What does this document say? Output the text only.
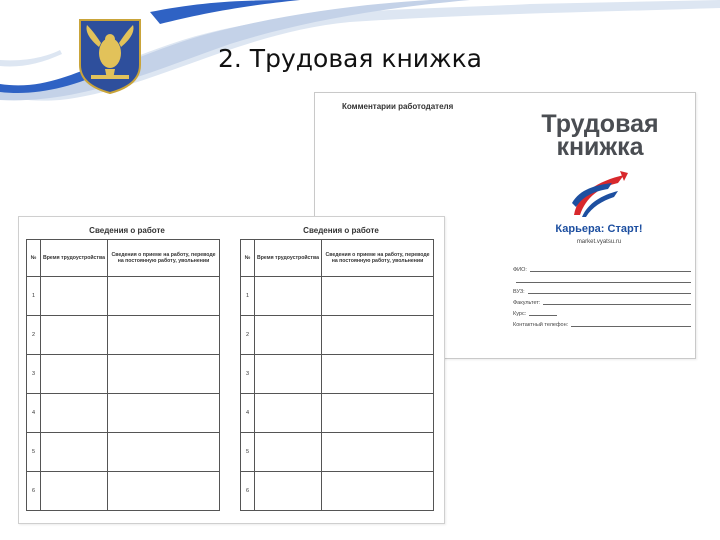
2. Трудовая книжка
Комментарии работодателя
Трудовая
книжка
Карьера: Старт!
market.vyatsu.ru
ФИО:
ВУЗ:
Факультет:
Курс:
Контактный телефон:
Сведения о работе
№	Время трудоустройства	Сведения о приеме на работу, переводе на постоянную работу, увольнении
1		
2		
3		
4		
5		
6		
Сведения о работе
№	Время трудоустройства	Сведения о приеме на работу, переводе на постоянную работу, увольнении
1		
2		
3		
4		
5		
6		
